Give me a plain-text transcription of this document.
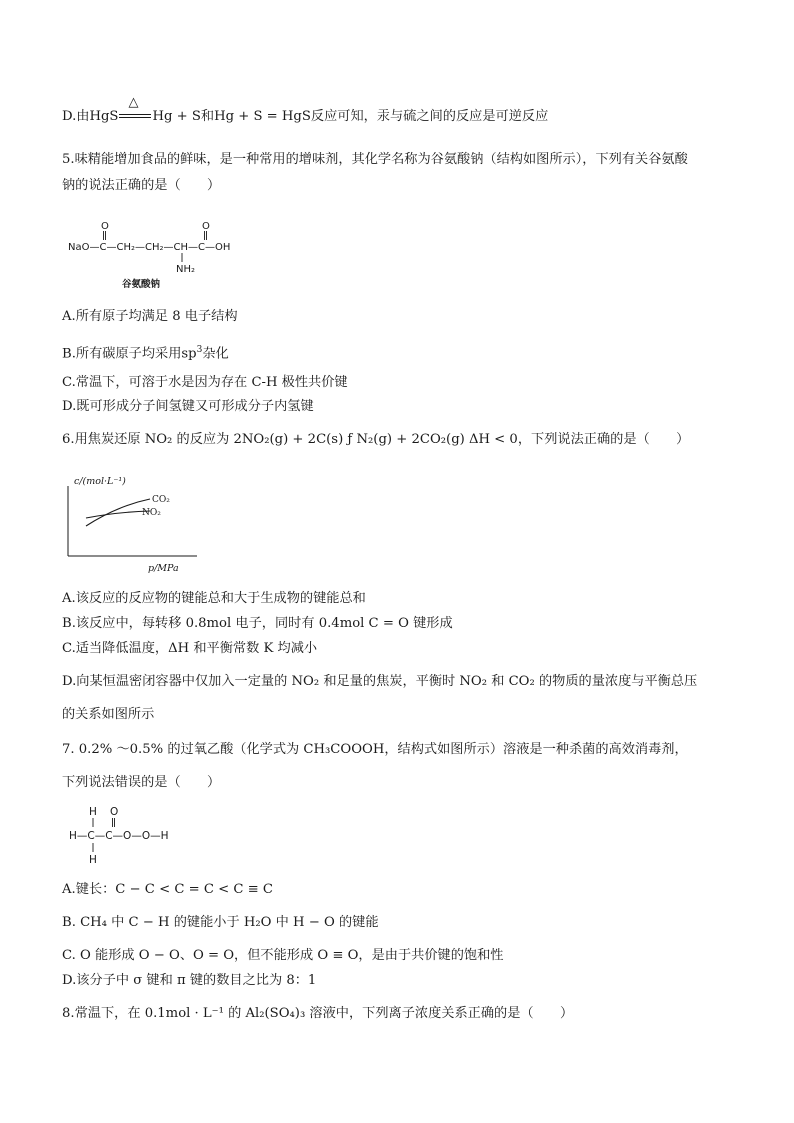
D.由HgS
△
Hg + S和Hg + S = HgS反应可知，汞与硫之间的反应是可逆反应
5.味精能增加食品的鲜味，是一种常用的增味剂，其化学名称为谷氨酸钠（结构如图所示），下列有关谷氨酸
钠的说法正确的是（　　）
O	O
NaO—C—CH₂—CH₂—CH—C—OH
NH₂
谷氨酸钠
A.所有原子均满足 8 电子结构
B.所有碳原子均采用$sp^3$杂化
C.常温下，可溶于水是因为存在 C-H 极性共价键
D.既可形成分子间氢键又可形成分子内氢键
6.用焦炭还原 NO₂ 的反应为 2NO₂(g) + 2C(s) ƒ N₂(g) + 2CO₂(g) ΔH < 0，下列说法正确的是（　　）
c/(mol·L⁻¹)
CO₂
NO₂
p/MPa
A.该反应的反应物的键能总和大于生成物的键能总和
B.该反应中，每转移 0.8mol 电子，同时有 0.4mol C = O 键形成
C.适当降低温度，ΔH 和平衡常数 K 均减小
D.向某恒温密闭容器中仅加入一定量的 NO₂ 和足量的焦炭，平衡时 NO₂ 和 CO₂ 的物质的量浓度与平衡总压
的关系如图所示
7. 0.2% ～0.5% 的过氧乙酸（化学式为 CH₃COOOH，结构式如图所示）溶液是一种杀菌的高效消毒剂，
下列说法错误的是（　　）
H O
H—C—C—O—O—H
H
A.键长：C − C < C = C < C ≡ C
B. CH₄ 中 C − H 的键能小于 H₂O 中 H − O 的键能
C. O 能形成 O − O、O = O，但不能形成 O ≡ O，是由于共价键的饱和性
D.该分子中 σ 键和 π 键的数目之比为 8：1
8.常温下，在 0.1mol · L⁻¹ 的 Al₂(SO₄)₃ 溶液中，下列离子浓度关系正确的是（　　）
